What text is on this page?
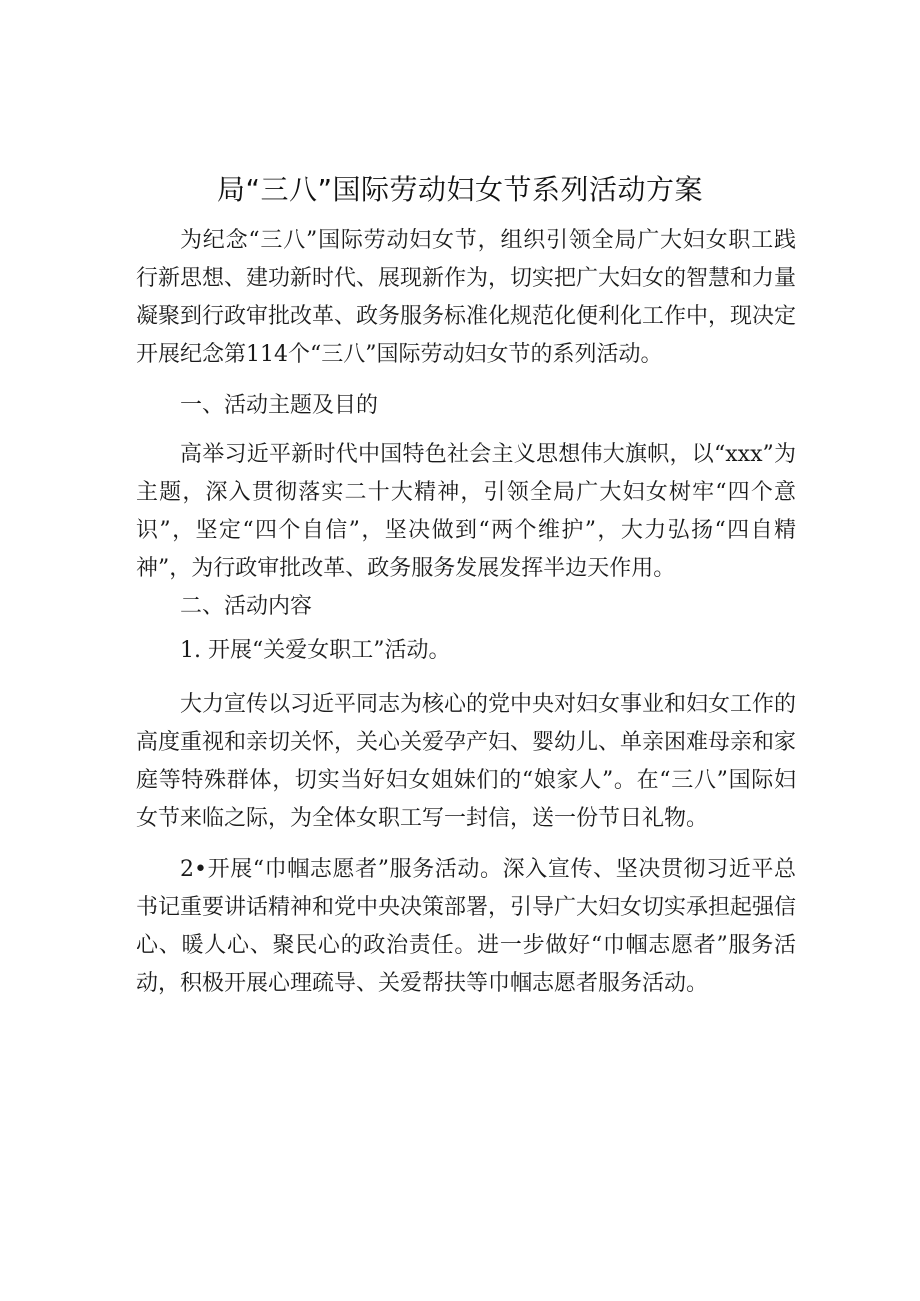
局“三八”国际劳动妇女节系列活动方案

为纪念“三八”国际劳动妇女节，组织引领全局广大妇女职工践行新思想、建功新时代、展现新作为，切实把广大妇女的智慧和力量凝聚到行政审批改革、政务服务标准化规范化便利化工作中，现决定开展纪念第114个“三八”国际劳动妇女节的系列活动。

一、活动主题及目的

高举习近平新时代中国特色社会主义思想伟大旗帜，以“xxx”为主题，深入贯彻落实二十大精神，引领全局广大妇女树牢“四个意识”，坚定“四个自信”，坚决做到“两个维护”，大力弘扬“四自精神”，为行政审批改革、政务服务发展发挥半边天作用。

二、活动内容

1. 开展“关爱女职工”活动。

大力宣传以习近平同志为核心的党中央对妇女事业和妇女工作的高度重视和亲切关怀，关心关爱孕产妇、婴幼儿、单亲困难母亲和家庭等特殊群体，切实当好妇女姐妹们的“娘家人”。在“三八”国际妇女节来临之际，为全体女职工写一封信，送一份节日礼物。

2•开展“巾帼志愿者”服务活动。深入宣传、坚决贯彻习近平总书记重要讲话精神和党中央决策部署，引导广大妇女切实承担起强信心、暖人心、聚民心的政治责任。进一步做好“巾帼志愿者”服务活动，积极开展心理疏导、关爱帮扶等巾帼志愿者服务活动。
